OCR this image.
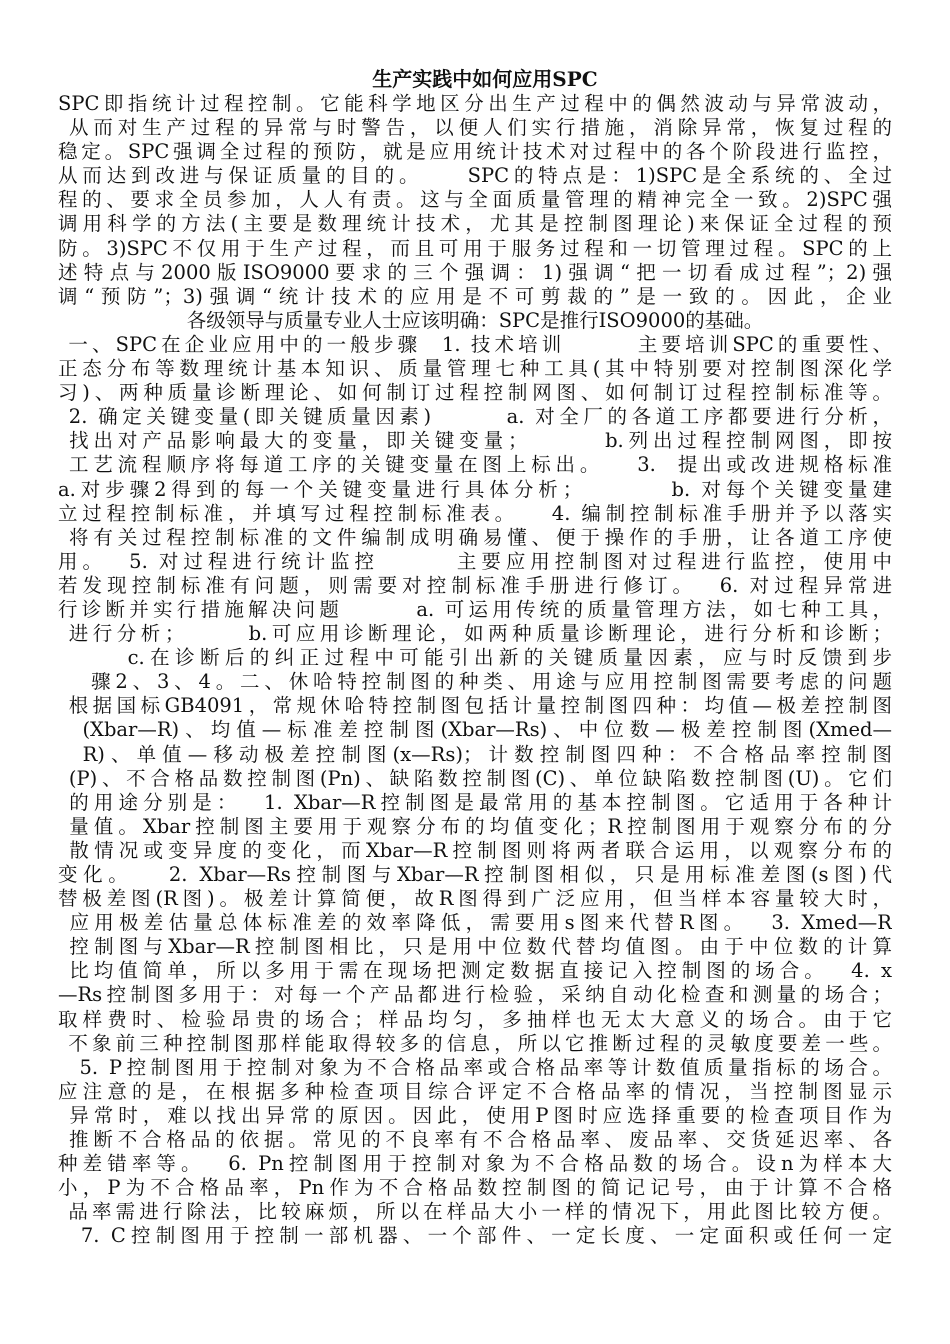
生产实践中如何应用SPC
SPC即指统计过程控制。它能科学地区分出生产过程中的偶然波动与异常波动，
从而对生产过程的异常与时警告，以便人们实行措施，消除异常，恢复过程的
稳定。SPC强调全过程的预防，就是应用统计技术对过程中的各个阶段进行监控，
从而达到改进与保证质量的目的。    SPC的特点是：1)SPC是全系统的、全过
程的、要求全员参加，人人有责。这与全面质量管理的精神完全一致。2)SPC强
调用科学的方法(主要是数理统计技术，尤其是控制图理论)来保证全过程的预
防。3)SPC不仅用于生产过程，而且可用于服务过程和一切管理过程。SPC的上
述特点与2000版ISO9000要求的三个强调：1)强调“把一切看成过程”；2)强
调“预防”；3)强调“统计技术的应用是不可剪裁的”是一致的。因此，企业
各级领导与质量专业人士应该明确：SPC是推行ISO9000的基础。
一、SPC在企业应用中的一般步骤  1. 技术培训       主要培训SPC的重要性、
正态分布等数理统计基本知识、质量管理七种工具(其中特别要对控制图深化学
习)、两种质量诊断理论、如何制订过程控制网图、如何制订过程控制标准等。
2. 确定关键变量(即关键质量因素)       a. 对全厂的各道工序都要进行分析，
找出对产品影响最大的变量，即关键变量；       b.列出过程控制网图，即按
工艺流程顺序将每道工序的关键变量在图上标出。   3.  提出或改进规格标准
a.对步骤2得到的每一个关键变量进行具体分析；        b. 对每个关键变量建
立过程控制标准，并填写过程控制标准表。   4. 编制控制标准手册并予以落实
将有关过程控制标准的文件编制成明确易懂、便于操作的手册，让各道工序使
用。  5. 对过程进行统计监控       主要应用控制图对过程进行监控，使用中
若发现控制标准有问题，则需要对控制标准手册进行修订。  6. 对过程异常进
行诊断并实行措施解决问题       a. 可运用传统的质量管理方法，如七种工具，
进行分析；      b.可应用诊断理论，如两种质量诊断理论，进行分析和诊断；
c.在诊断后的纠正过程中可能引出新的关键质量因素，应与时反馈到步
骤2、3、4。二、休哈特控制图的种类、用途与应用控制图需要考虑的问题
根据国标GB4091，常规休哈特控制图包括计量控制图四种：均值—极差控制图
(Xbar—R)、均值—标准差控制图(Xbar—Rs)、中位数—极差控制图(Xmed—
R)、单值—移动极差控制图(x—Rs)；计数控制图四种：不合格品率控制图
(P)、不合格品数控制图(Pn)、缺陷数控制图(C)、单位缺陷数控制图(U)。它们
的用途分别是：  1. Xbar—R控制图是最常用的基本控制图。它适用于各种计
量值。Xbar控制图主要用于观察分布的均值变化；R控制图用于观察分布的分
散情况或变异度的变化，而Xbar—R控制图则将两者联合运用，以观察分布的
变化。   2. Xbar—Rs控制图与Xbar—R控制图相似，只是用标准差图(s图)代
替极差图(R图)。极差计算简便，故R图得到广泛应用，但当样本容量较大时，
应用极差估量总体标准差的效率降低，需要用s图来代替R图。  3. Xmed—R
控制图与Xbar—R控制图相比，只是用中位数代替均值图。由于中位数的计算
比均值简单，所以多用于需在现场把测定数据直接记入控制图的场合。  4. x
—Rs控制图多用于：对每一个产品都进行检验，采纳自动化检查和测量的场合；
取样费时、检验昂贵的场合；样品均匀，多抽样也无太大意义的场合。由于它
不象前三种控制图那样能取得较多的信息，所以它推断过程的灵敏度要差一些。
5. P控制图用于控制对象为不合格品率或合格品率等计数值质量指标的场合。
应注意的是，在根据多种检查项目综合评定不合格品率的情况，当控制图显示
异常时，难以找出异常的原因。因此，使用P图时应选择重要的检查项目作为
推断不合格品的依据。常见的不良率有不合格品率、废品率、交货延迟率、各
种差错率等。  6. Pn控制图用于控制对象为不合格品数的场合。设n为样本大
小，P为不合格品率，Pn作为不合格品数控制图的简记记号，由于计算不合格
品率需进行除法，比较麻烦，所以在样品大小一样的情况下，用此图比较方便。
7. C控制图用于控制一部机器、一个部件、一定长度、一定面积或任何一定
